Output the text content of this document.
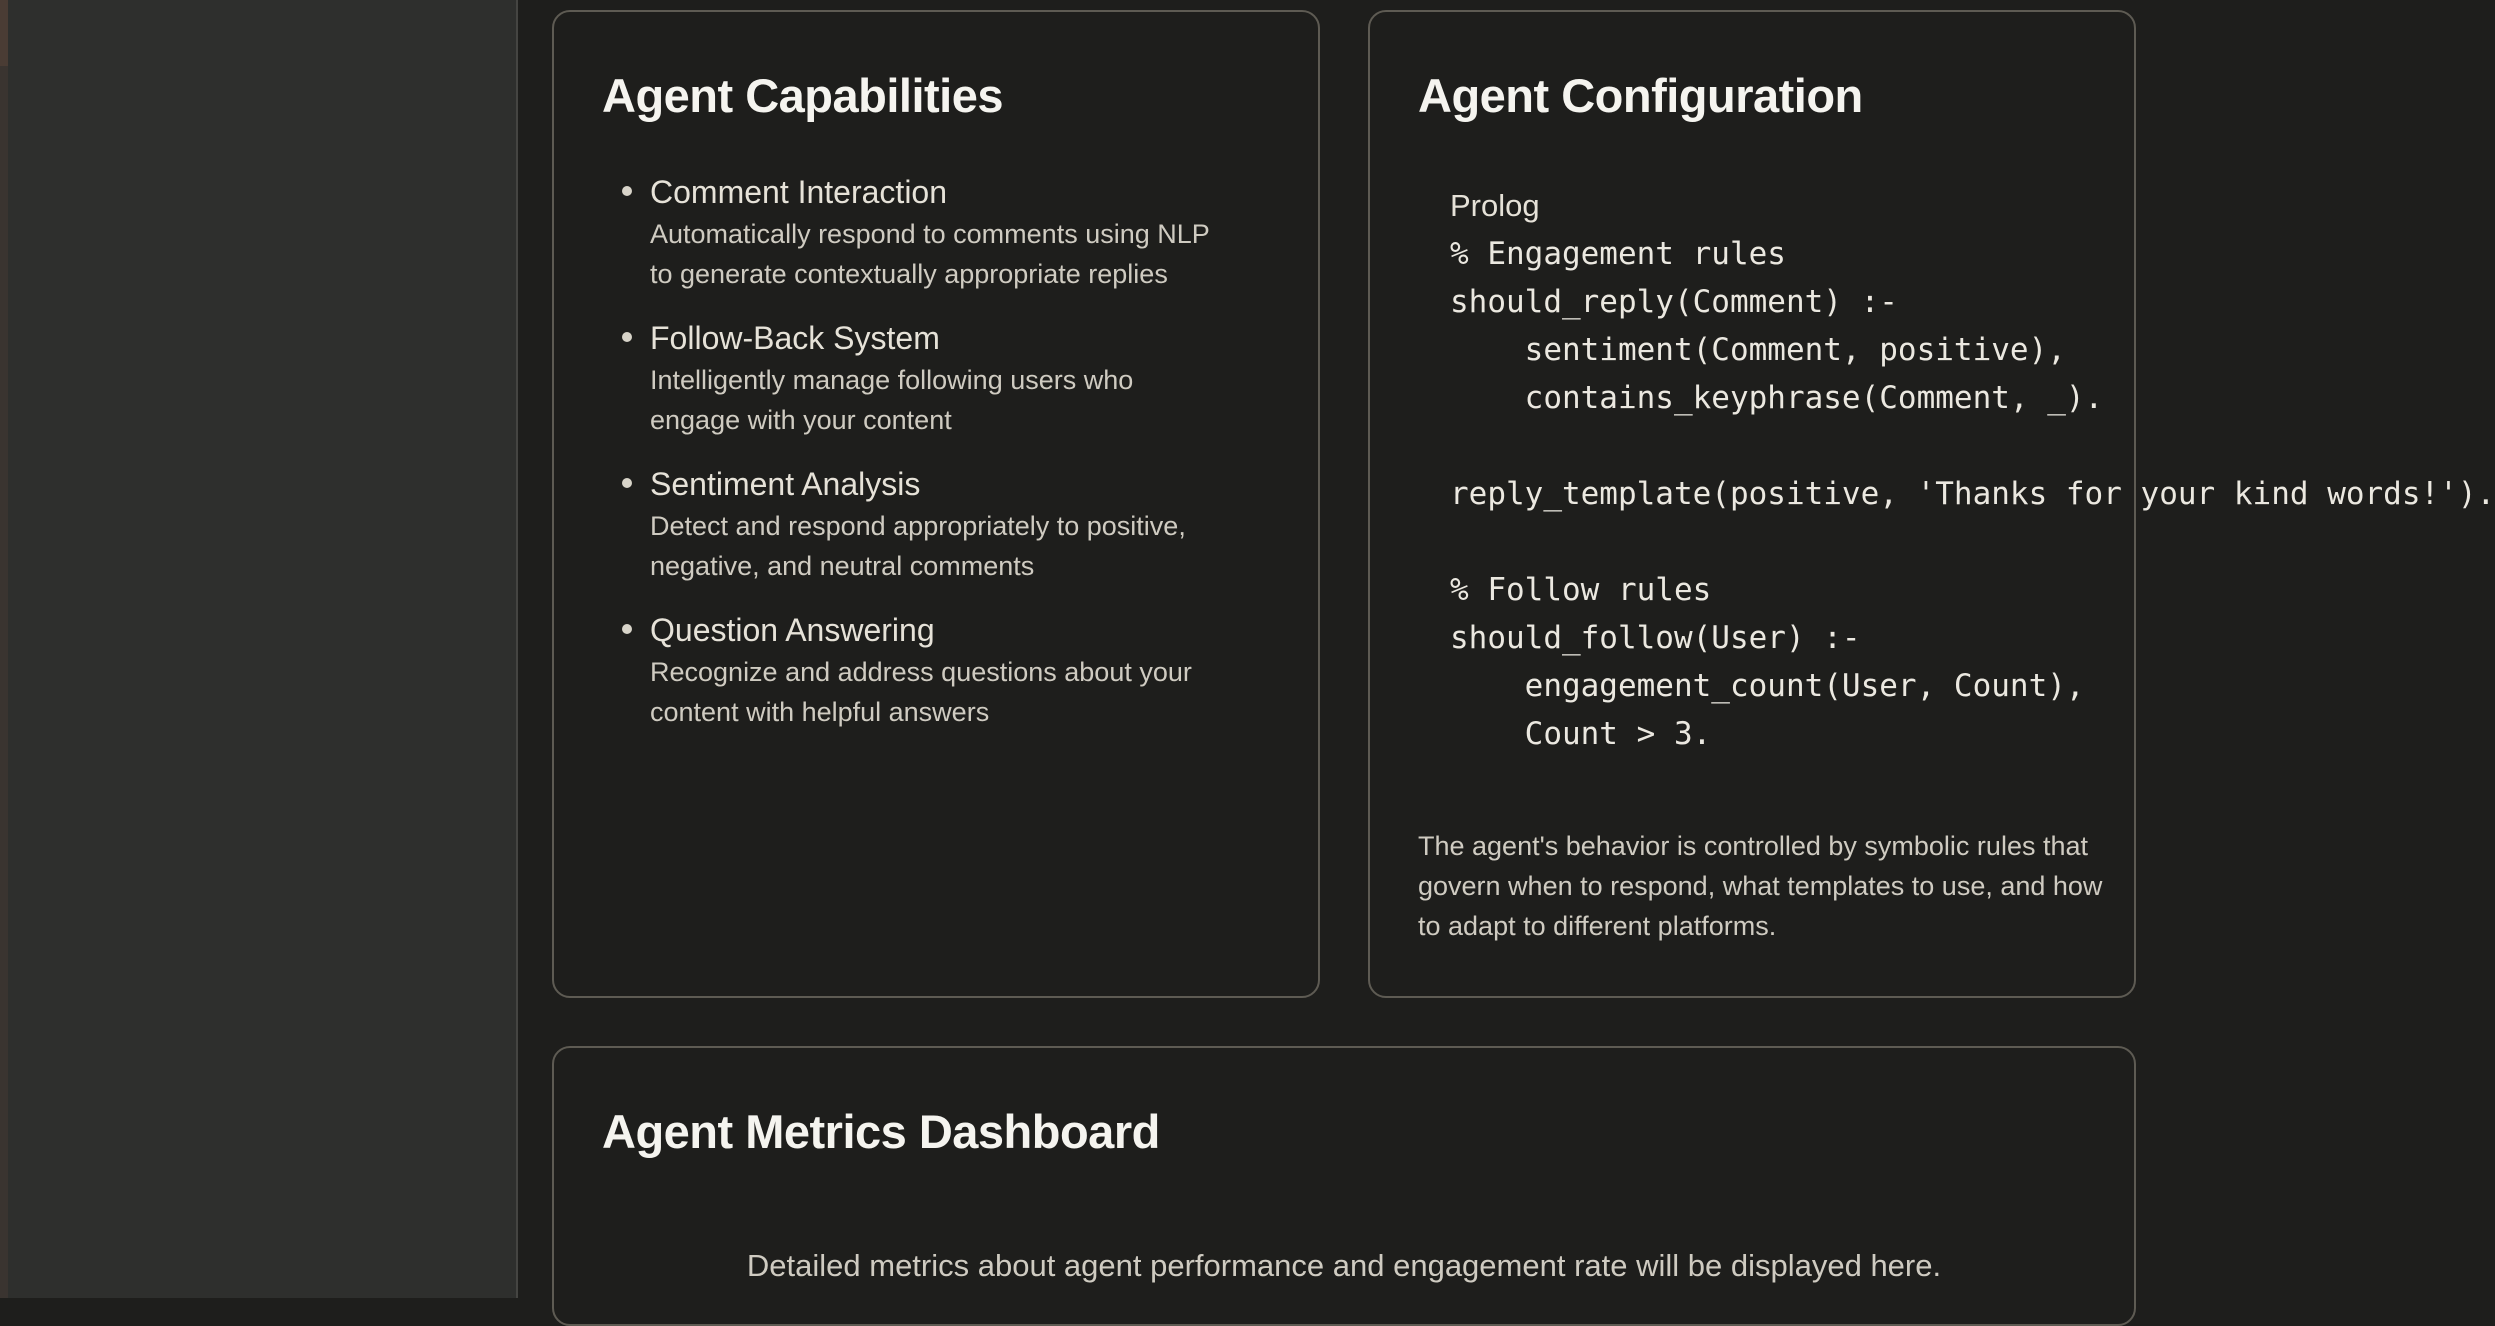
Agent Capabilities
Comment Interaction
Automatically respond to comments using NLP
to generate contextually appropriate replies
Follow-Back System
Intelligently manage following users who
engage with your content
Sentiment Analysis
Detect and respond appropriately to positive,
negative, and neutral comments
Question Answering
Recognize and address questions about your
content with helpful answers
Agent Configuration
Prolog
% Engagement rules
should_reply(Comment) :-
sentiment(Comment, positive),
contains_keyphrase(Comment, _).

reply_template(positive, 'Thanks for your kind words!').

% Follow rules
should_follow(User) :-
engagement_count(User, Count),
Count > 3.

The agent's behavior is controlled by symbolic rules that govern when to respond, what templates to use, and how to adapt to different platforms.

Agent Metrics Dashboard

Detailed metrics about agent performance and engagement rate will be displayed here.
